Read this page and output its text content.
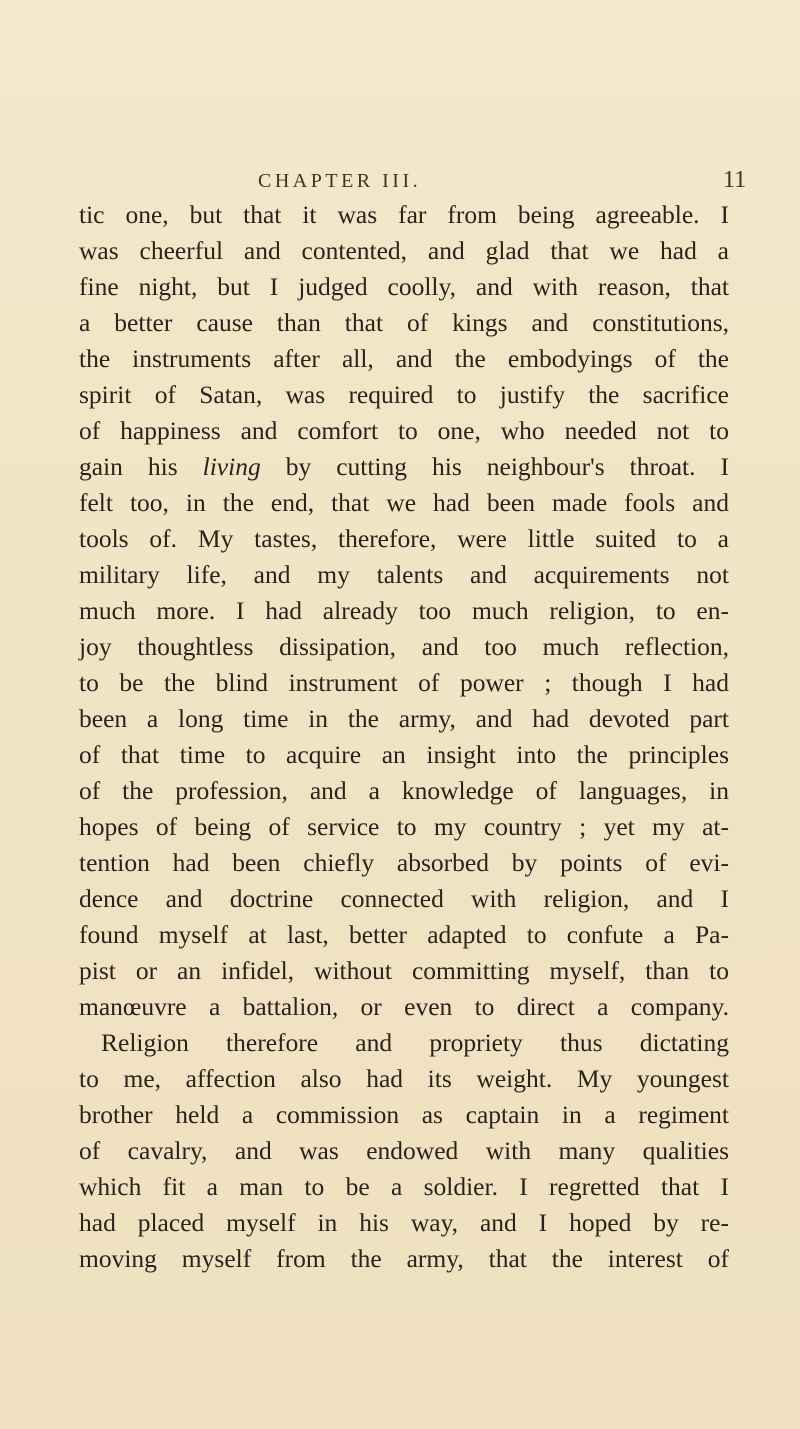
CHAPTER III.	11
tic one, but that it was far from being agreeable. I
was cheerful and contented, and glad that we had a
fine night, but I judged coolly, and with reason, that
a better cause than that of kings and constitutions,
the instruments after all, and the embodyings of the
spirit of Satan, was required to justify the sacrifice
of happiness and comfort to one, who needed not to
gain his living by cutting his neighbour's throat. I
felt too, in the end, that we had been made fools and
tools of. My tastes, therefore, were little suited to a
military life, and my talents and acquirements not
much more. I had already too much religion, to en-
joy thoughtless dissipation, and too much reflection,
to be the blind instrument of power ; though I had
been a long time in the army, and had devoted part
of that time to acquire an insight into the principles
of the profession, and a knowledge of languages, in
hopes of being of service to my country ; yet my at-
tention had been chiefly absorbed by points of evi-
dence and doctrine connected with religion, and I
found myself at last, better adapted to confute a Pa-
pist or an infidel, without committing myself, than to
manœuvre a battalion, or even to direct a company.
Religion therefore and propriety thus dictating
to me, affection also had its weight. My youngest
brother held a commission as captain in a regiment
of cavalry, and was endowed with many qualities
which fit a man to be a soldier. I regretted that I
had placed myself in his way, and I hoped by re-
moving myself from the army, that the interest of
